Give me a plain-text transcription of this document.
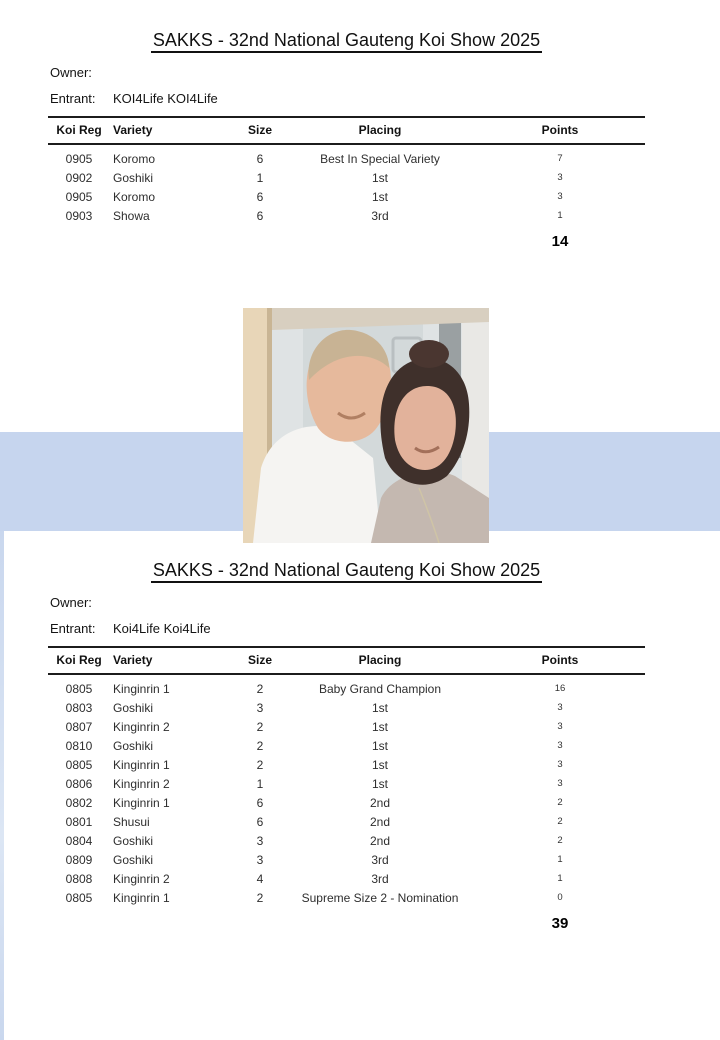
SAKKS - 32nd National Gauteng Koi Show 2025

Owner:

Entrant: KOI4Life KOI4Life

Koi Reg	Variety	Size	Placing	Points
0905	Koromo	6	Best In Special Variety	7
0902	Goshiki	1	1st	3
0905	Koromo	6	1st	3
0903	Showa	6	3rd	1
				14
SAKKS - 32nd National Gauteng Koi Show 2025

Owner:

Entrant: Koi4Life Koi4Life

Koi Reg	Variety	Size	Placing	Points
0805	Kinginrin 1	2	Baby Grand Champion	16
0803	Goshiki	3	1st	3
0807	Kinginrin 2	2	1st	3
0810	Goshiki	2	1st	3
0805	Kinginrin 1	2	1st	3
0806	Kinginrin 2	1	1st	3
0802	Kinginrin 1	6	2nd	2
0801	Shusui	6	2nd	2
0804	Goshiki	3	2nd	2
0809	Goshiki	3	3rd	1
0808	Kinginrin 2	4	3rd	1
0805	Kinginrin 1	2	Supreme Size 2 - Nomination	0
				39
